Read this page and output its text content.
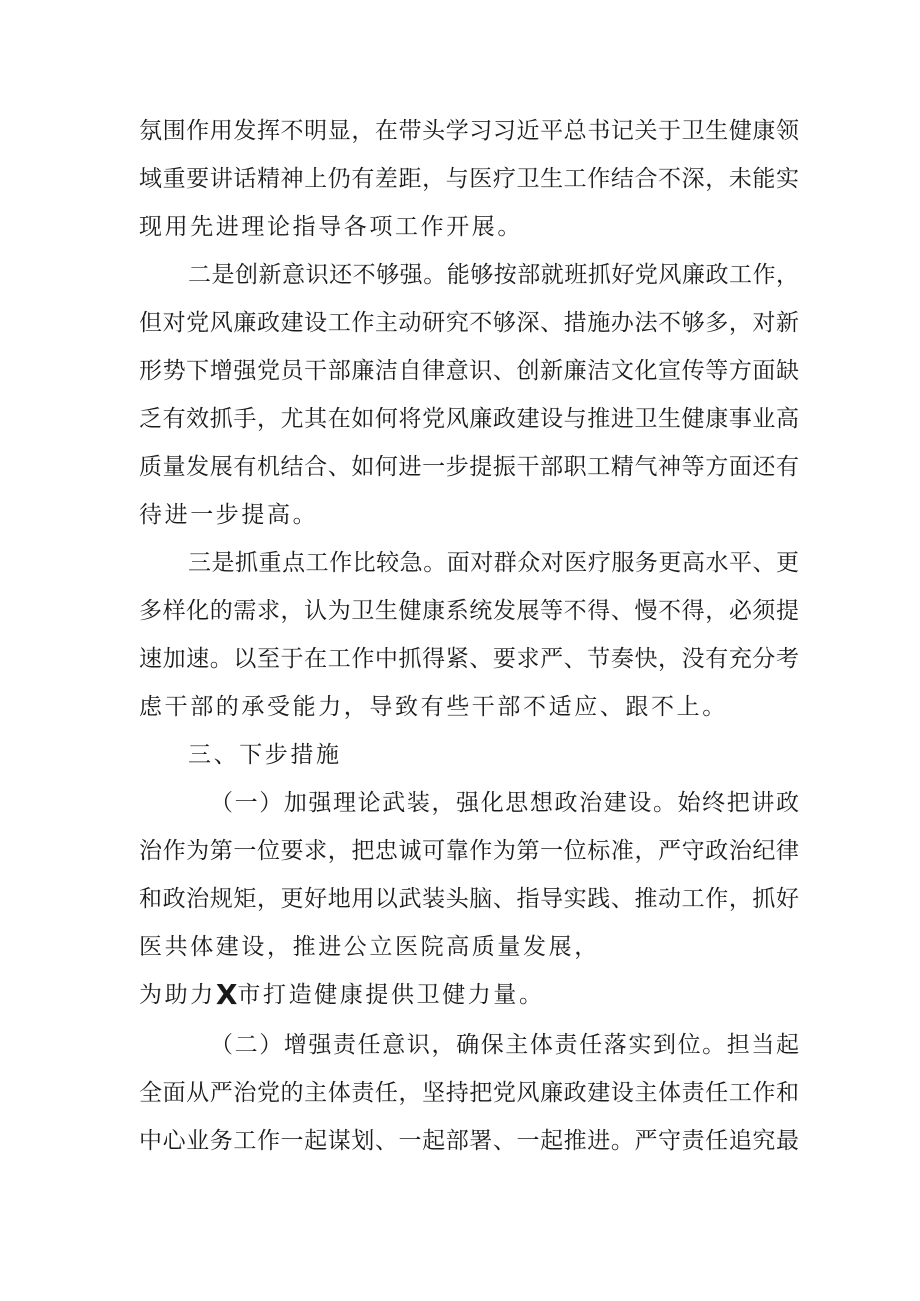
氛围作用发挥不明显，在带头学习习近平总书记关于卫生健康领
域重要讲话精神上仍有差距，与医疗卫生工作结合不深，未能实
现用先进理论指导各项工作开展。
二是创新意识还不够强。能够按部就班抓好党风廉政工作，
但对党风廉政建设工作主动研究不够深、措施办法不够多，对新
形势下增强党员干部廉洁自律意识、创新廉洁文化宣传等方面缺
乏有效抓手，尤其在如何将党风廉政建设与推进卫生健康事业高
质量发展有机结合、如何进一步提振干部职工精气神等方面还有
待进一步提高。
三是抓重点工作比较急。面对群众对医疗服务更高水平、更
多样化的需求，认为卫生健康系统发展等不得、慢不得，必须提
速加速。以至于在工作中抓得紧、要求严、节奏快，没有充分考
虑干部的承受能力，导致有些干部不适应、跟不上。
三、下步措施
（一）加强理论武装，强化思想政治建设。始终把讲政
治作为第一位要求，把忠诚可靠作为第一位标准，严守政治纪律
和政治规矩，更好地用以武装头脑、指导实践、推动工作，抓好
医共体建设，推进公立医院高质量发展，
为助力X市打造健康提供卫健力量。
（二）增强责任意识，确保主体责任落实到位。担当起
全面从严治党的主体责任，坚持把党风廉政建设主体责任工作和
中心业务工作一起谋划、一起部署、一起推进。严守责任追究最
